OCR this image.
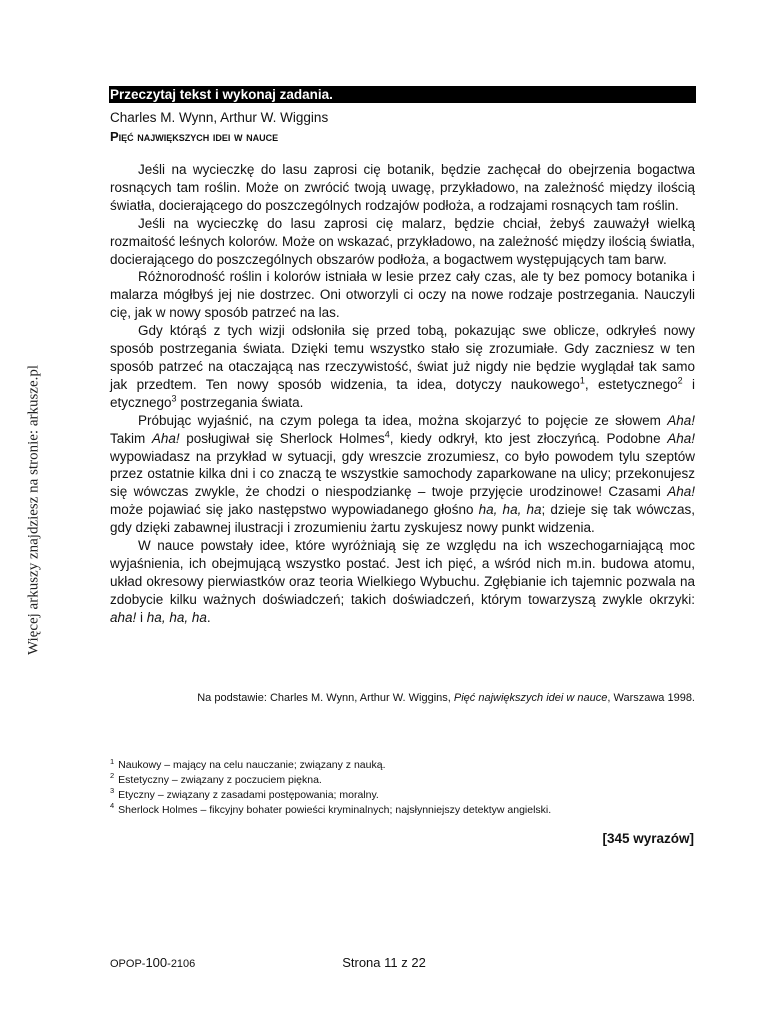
Więcej arkuszy znajdziesz na stronie: arkusze.pl
Przeczytaj tekst i wykonaj zadania.
Charles M. Wynn, Arthur W. Wiggins
Pięć największych idei w nauce

Jeśli na wycieczkę do lasu zaprosi cię botanik, będzie zachęcał do obejrzenia bogactwa rosnących tam roślin. Może on zwrócić twoją uwagę, przykładowo, na zależność między ilością światła, docierającego do poszczególnych rodzajów podłoża, a rodzajami rosnących tam roślin.

Jeśli na wycieczkę do lasu zaprosi cię malarz, będzie chciał, żebyś zauważył wielką rozmaitość leśnych kolorów. Może on wskazać, przykładowo, na zależność między ilością światła, docierającego do poszczególnych obszarów podłoża, a bogactwem występujących tam barw.

Różnorodność roślin i kolorów istniała w lesie przez cały czas, ale ty bez pomocy botanika i malarza mógłbyś jej nie dostrzec. Oni otworzyli ci oczy na nowe rodzaje postrzegania. Nauczyli cię, jak w nowy sposób patrzeć na las.

Gdy którąś z tych wizji odsłoniła się przed tobą, pokazując swe oblicze, odkryłeś nowy sposób postrzegania świata. Dzięki temu wszystko stało się zrozumiałe. Gdy zaczniesz w ten sposób patrzeć na otaczającą nas rzeczywistość, świat już nigdy nie będzie wyglądał tak samo jak przedtem. Ten nowy sposób widzenia, ta idea, dotyczy naukowego$^1$, estetycznego$^2$ i etycznego$^3$ postrzegania świata.

Próbując wyjaśnić, na czym polega ta idea, można skojarzyć to pojęcie ze słowem Aha! Takim Aha! posługiwał się Sherlock Holmes$^4$, kiedy odkrył, kto jest złoczyńcą. Podobne Aha! wypowiadasz na przykład w sytuacji, gdy wreszcie zrozumiesz, co było powodem tylu szeptów przez ostatnie kilka dni i co znaczą te wszystkie samochody zaparkowane na ulicy; przekonujesz się wówczas zwykle, że chodzi o niespodziankę – twoje przyjęcie urodzinowe! Czasami Aha! może pojawiać się jako następstwo wypowiadanego głośno ha, ha, ha; dzieje się tak wówczas, gdy dzięki zabawnej ilustracji i zrozumieniu żartu zyskujesz nowy punkt widzenia.

W nauce powstały idee, które wyróżniają się ze względu na ich wszechogarniającą moc wyjaśnienia, ich obejmującą wszystko postać. Jest ich pięć, a wśród nich m.in. budowa atomu, układ okresowy pierwiastków oraz teoria Wielkiego Wybuchu. Zgłębianie ich tajemnic pozwala na zdobycie kilku ważnych doświadczeń; takich doświadczeń, którym towarzyszą zwykle okrzyki: aha! i ha, ha, ha.

Na podstawie: Charles M. Wynn, Arthur W. Wiggins, Pięć największych idei w nauce, Warszawa 1998.
$^1$ Naukowy – mający na celu nauczanie; związany z nauką.
$^2$ Estetyczny – związany z poczuciem piękna.
$^3$ Etyczny – związany z zasadami postępowania; moralny.
$^4$ Sherlock Holmes – fikcyjny bohater powieści kryminalnych; najsłynniejszy detektyw angielski.
[345 wyrazów]
OPOP-100-2106	Strona 11 z 22
